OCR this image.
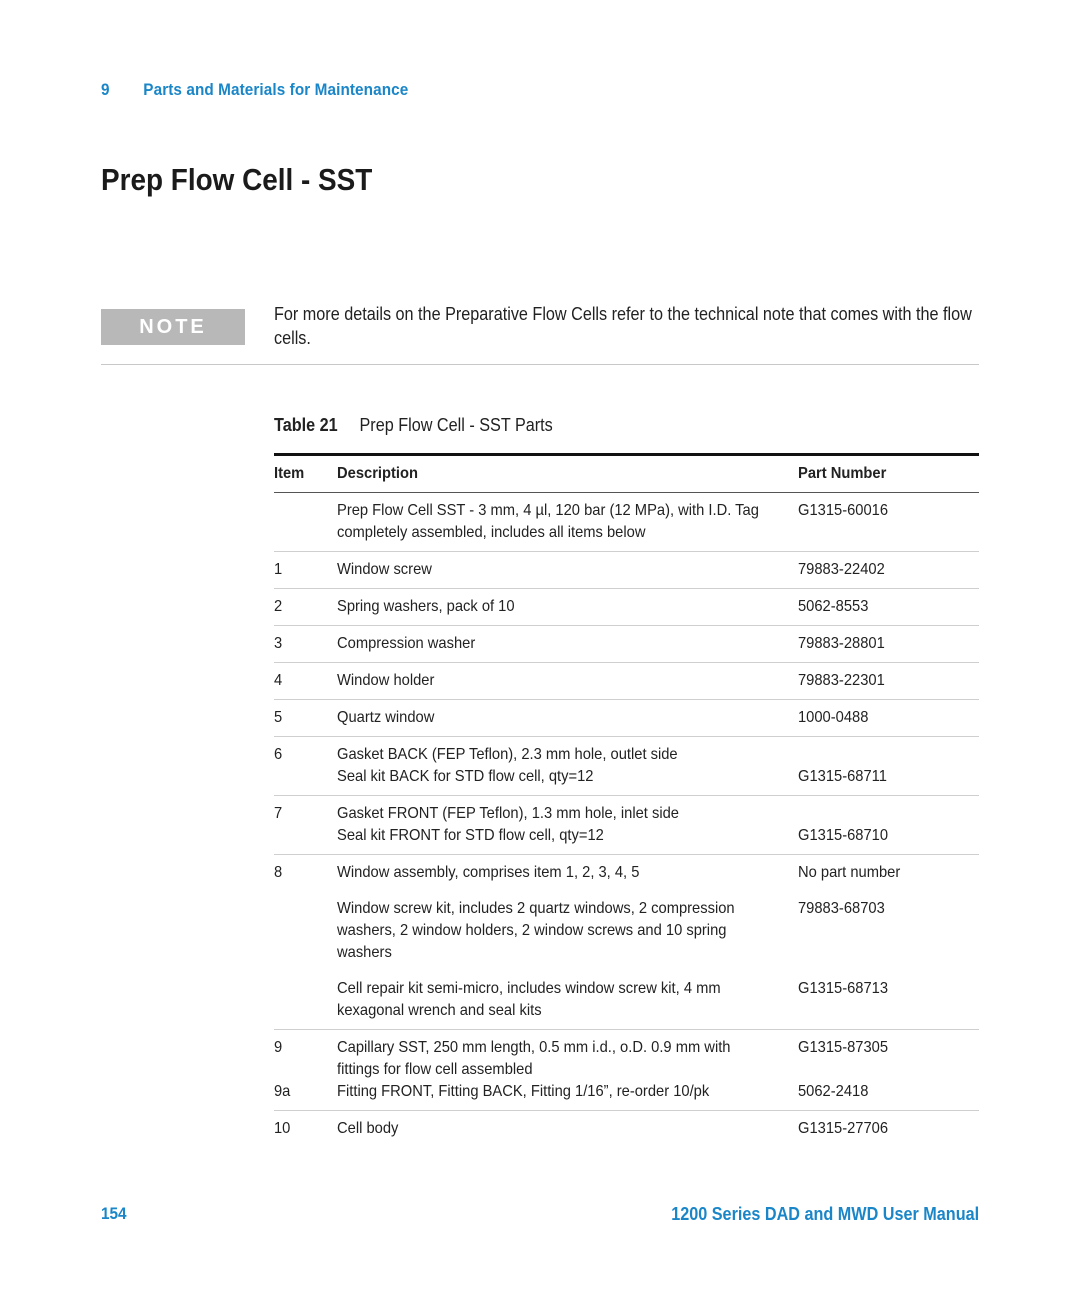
9 Parts and Materials for Maintenance
Prep Flow Cell - SST
NOTE
For more details on the Preparative Flow Cells refer to the technical note that comes with the flow cells.
Table 21 Prep Flow Cell - SST Parts
Item	Description	Part Number

	Prep Flow Cell SST - 3 mm, 4 µl, 120 bar (12 MPa), with I.D. Tag completely assembled, includes all items below	G1315-60016

1	Window screw	79883-22402

2	Spring washers, pack of 10	5062-8553

3	Compression washer	79883-28801

4	Window holder	79883-22301

5	Quartz window	1000-0488

6	Gasket BACK (FEP Teflon), 2.3 mm hole, outlet side
Seal kit BACK for STD flow cell, qty=12	G1315-68711

7	Gasket FRONT (FEP Teflon), 1.3 mm hole, inlet side
Seal kit FRONT for STD flow cell, qty=12	G1315-68710

8	Window assembly, comprises item 1, 2, 3, 4, 5	No part number

	Window screw kit, includes 2 quartz windows, 2 compression washers, 2 window holders, 2 window screws and 10 spring washers	79883-68703

	Cell repair kit semi-micro, includes window screw kit, 4 mm kexagonal wrench and seal kits	G1315-68713

9	Capillary SST, 250 mm length, 0.5 mm i.d., o.D. 0.9 mm with fittings for flow cell assembled	G1315-87305

9a	Fitting FRONT, Fitting BACK, Fitting 1/16”, re-order 10/pk	5062-2418

10	Cell body	G1315-27706
154	1200 Series DAD and MWD User Manual
